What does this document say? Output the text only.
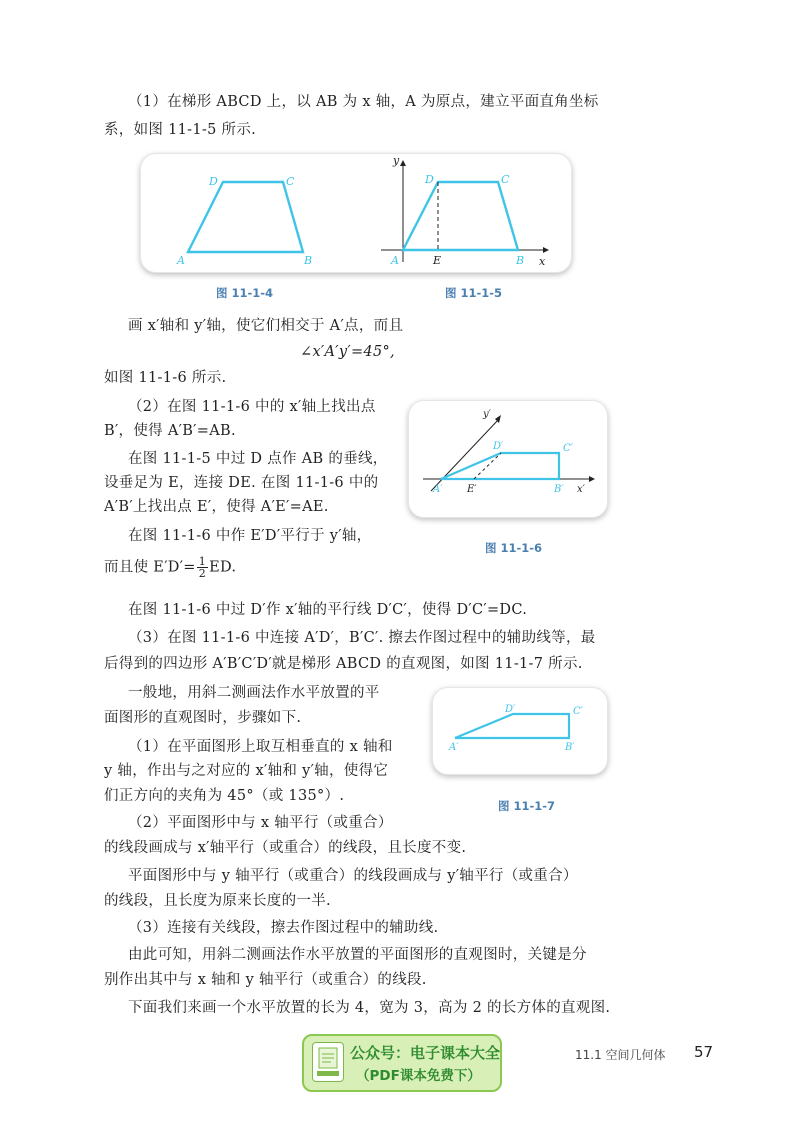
（1）在梯形 ABCD 上，以 AB 为 x 轴，A 为原点，建立平面直角坐标
系，如图 11-1-5 所示.
A	B
C
D
A	B
C
D
E	x
y
图 11-1-4	图 11-1-5
画 x′轴和 y′轴，使它们相交于 A′点，而且
∠x′A′y′=45°,
如图 11-1-6 所示.
（2）在图 11-1-6 中的 x′轴上找出点
B′，使得 A′B′=AB.
在图 11-1-5 中过 D 点作 AB 的垂线，
设垂足为 E，连接 DE. 在图 11-1-6 中的
A′B′上找出点 E′，使得 A′E′=AE.
在图 11-1-6 中作 E′D′平行于 y′轴，
而且使 $E'D'= \frac{1}{2}$ ED.
A′	B′
C′
D′
E′	x′
y′
图 11-1-6
在图 11-1-6 中过 D′作 x′轴的平行线 D′C′，使得 D′C′=DC.
（3）在图 11-1-6 中连接 A′D′，B′C′. 擦去作图过程中的辅助线等，最
后得到的四边形 A′B′C′D′就是梯形 ABCD 的直观图，如图 11-1-7 所示.
一般地，用斜二测画法作水平放置的平
面图形的直观图时，步骤如下.
（1）在平面图形上取互相垂直的 x 轴和
y 轴，作出与之对应的 x′轴和 y′轴，使得它
们正方向的夹角为 45°（或 135°）.
（2）平面图形中与 x 轴平行（或重合）
A′	B′
C′
D′
图 11-1-7
的线段画成与 x′轴平行（或重合）的线段，且长度不变.
平面图形中与 y 轴平行（或重合）的线段画成与 y′轴平行（或重合）
的线段，且长度为原来长度的一半.
（3）连接有关线段，擦去作图过程中的辅助线.
由此可知，用斜二测画法作水平放置的平面图形的直观图时，关键是分
别作出其中与 x 轴和 y 轴平行（或重合）的线段.
下面我们来画一个水平放置的长为 4，宽为 3，高为 2 的长方体的直观图.
公众号：电子课本大全
（PDF课本免费下）
11.1 空间几何体 57
